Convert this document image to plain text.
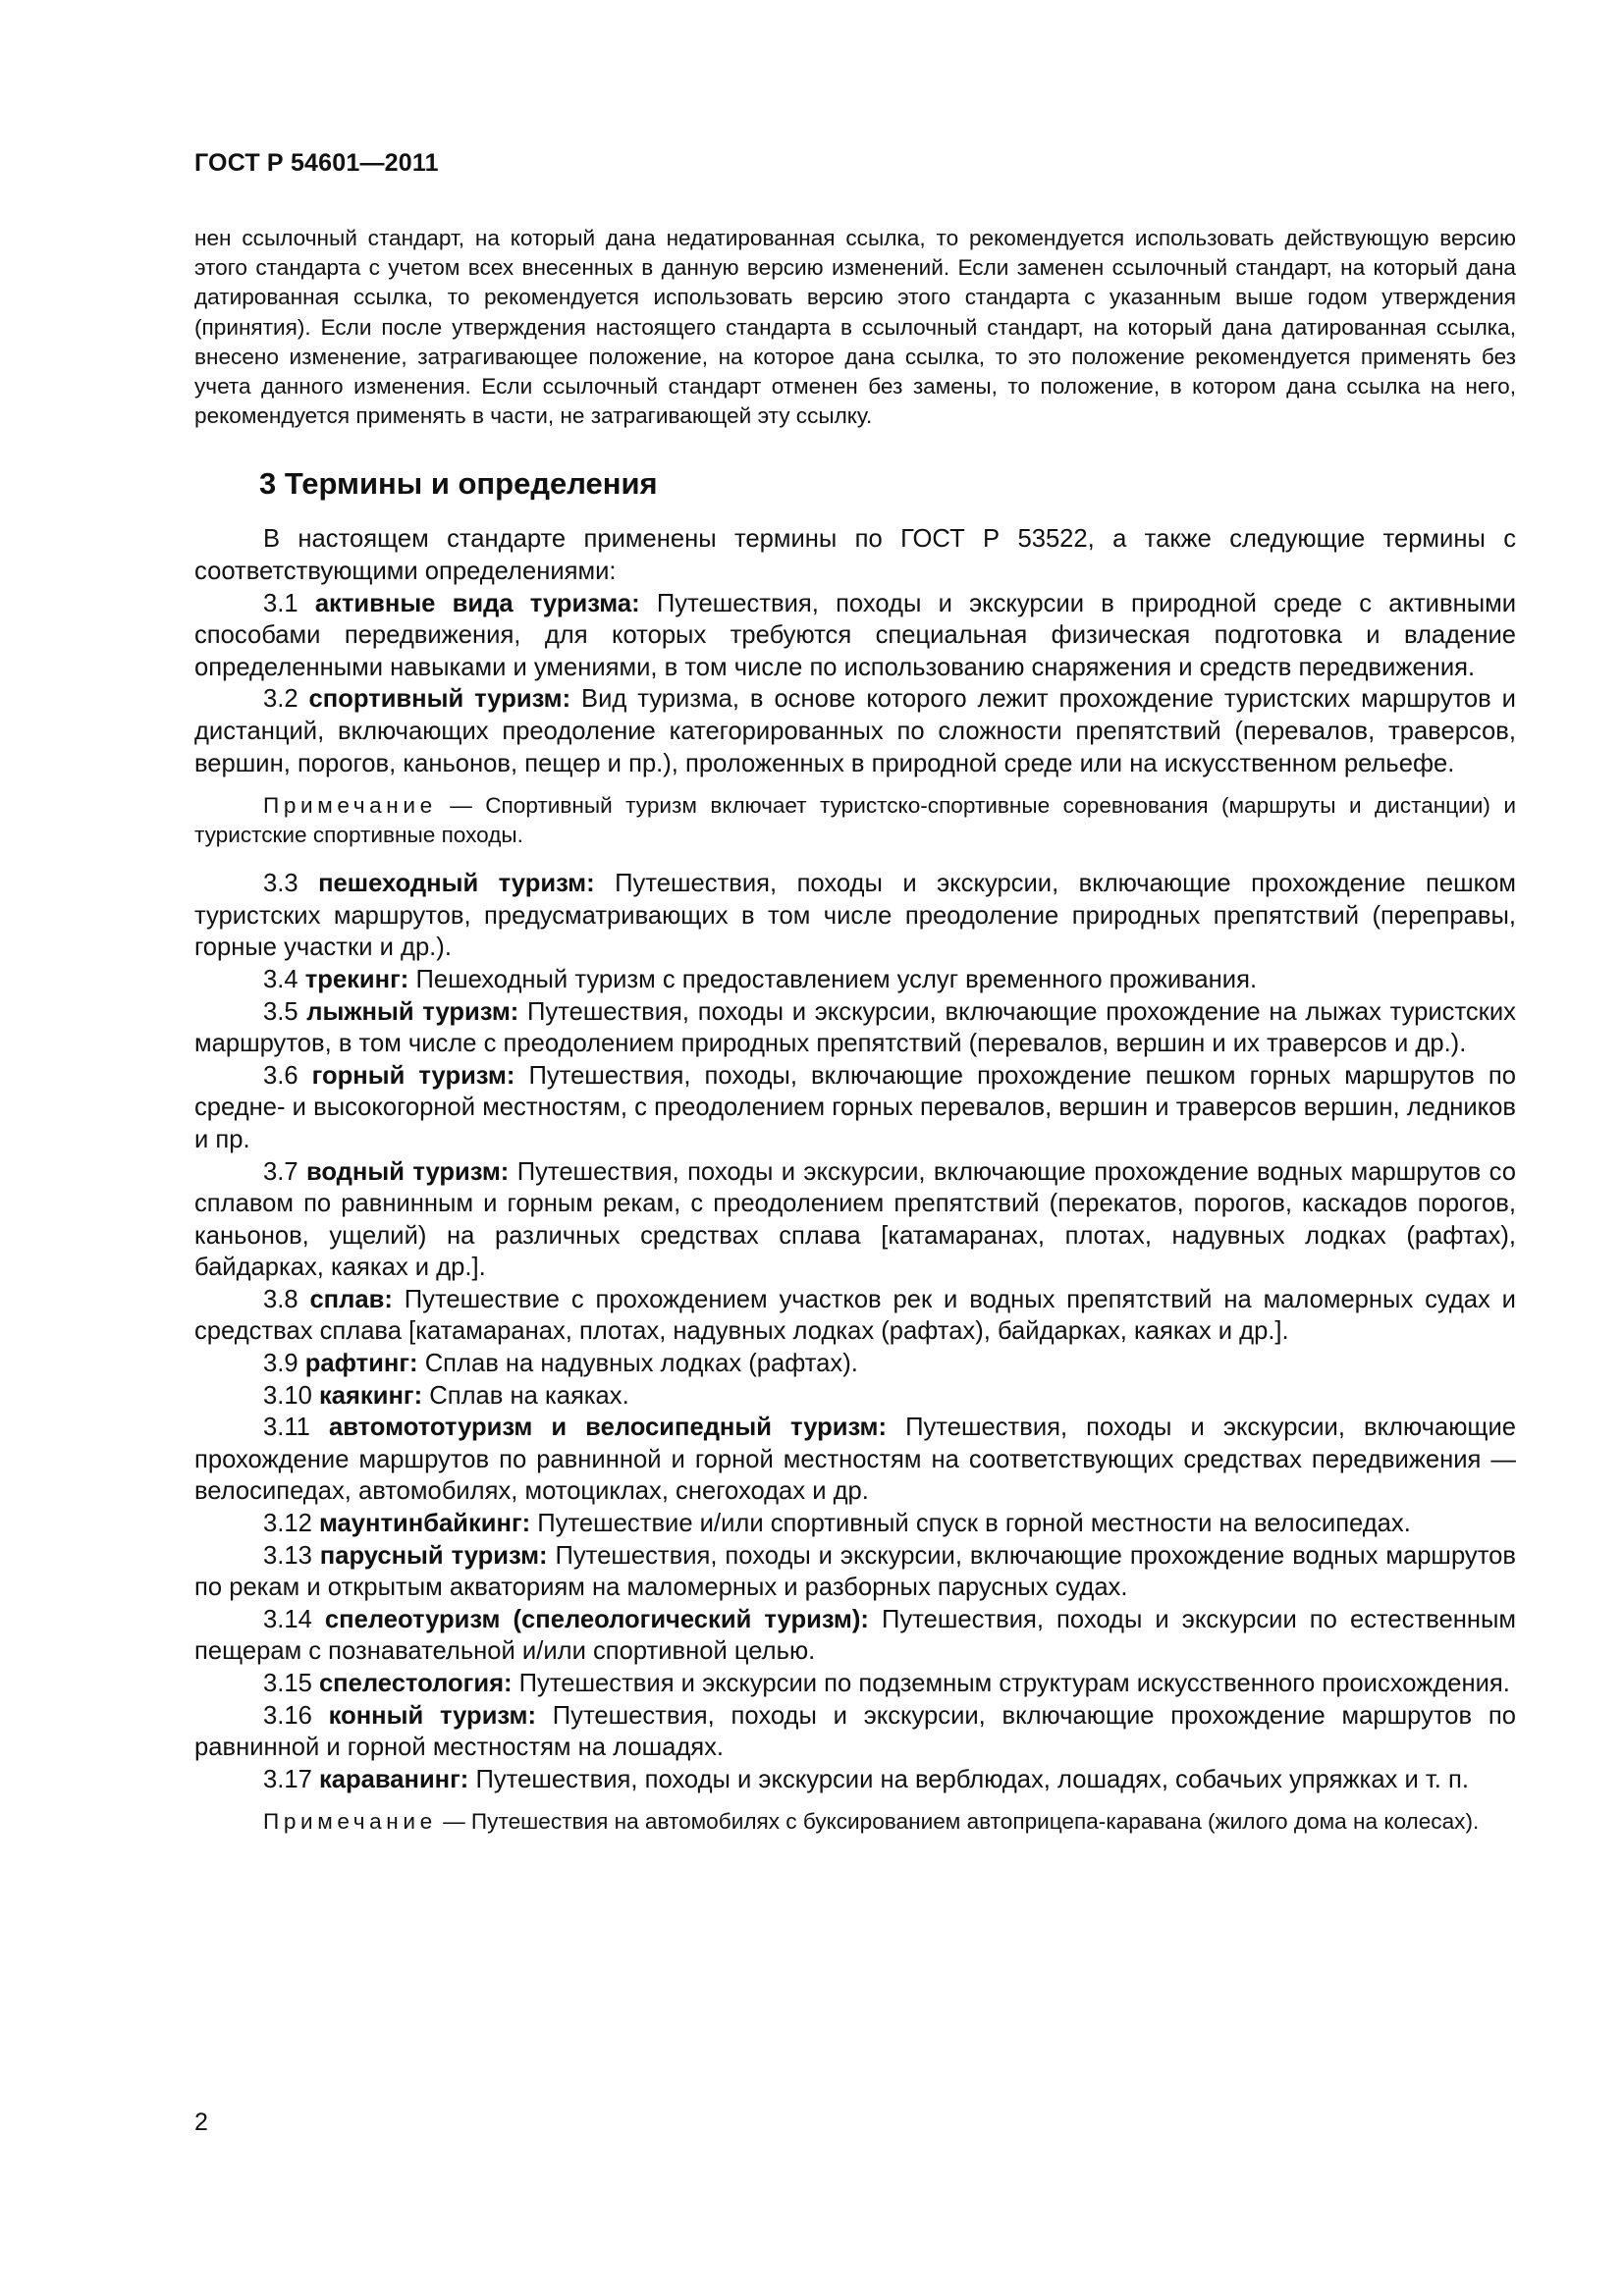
ГОСТ Р 54601—2011

нен ссылочный стандарт, на который дана недатированная ссылка, то рекомендуется использовать действующую версию этого стандарта с учетом всех внесенных в данную версию изменений. Если заменен ссылочный стандарт, на который дана датированная ссылка, то рекомендуется использовать версию этого стандарта с указанным выше годом утверждения (принятия). Если после утверждения настоящего стандарта в ссылочный стандарт, на который дана датированная ссылка, внесено изменение, затрагивающее положение, на которое дана ссылка, то это положение рекомендуется применять без учета данного изменения. Если ссылочный стандарт отменен без замены, то положение, в котором дана ссылка на него, рекомендуется применять в части, не затрагивающей эту ссылку.

3 Термины и определения

В настоящем стандарте применены термины по ГОСТ Р 53522, а также следующие термины с соответствующими определениями:

3.1 активные вида туризма: Путешествия, походы и экскурсии в природной среде с активными способами передвижения, для которых требуются специальная физическая подготовка и владение определенными навыками и умениями, в том числе по использованию снаряжения и средств передвижения.

3.2 спортивный туризм: Вид туризма, в основе которого лежит прохождение туристских маршрутов и дистанций, включающих преодоление категорированных по сложности препятствий (перевалов, траверсов, вершин, порогов, каньонов, пещер и пр.), проложенных в природной среде или на искусственном рельефе.

Примечание — Спортивный туризм включает туристско-спортивные соревнования (маршруты и дистанции) и туристские спортивные походы.

3.3 пешеходный туризм: Путешествия, походы и экскурсии, включающие прохождение пешком туристских маршрутов, предусматривающих в том числе преодоление природных препятствий (переправы, горные участки и др.).

3.4 трекинг: Пешеходный туризм с предоставлением услуг временного проживания.

3.5 лыжный туризм: Путешествия, походы и экскурсии, включающие прохождение на лыжах туристских маршрутов, в том числе с преодолением природных препятствий (перевалов, вершин и их траверсов и др.).

3.6 горный туризм: Путешествия, походы, включающие прохождение пешком горных маршрутов по средне- и высокогорной местностям, с преодолением горных перевалов, вершин и траверсов вершин, ледников и пр.

3.7 водный туризм: Путешествия, походы и экскурсии, включающие прохождение водных маршрутов со сплавом по равнинным и горным рекам, с преодолением препятствий (перекатов, порогов, каскадов порогов, каньонов, ущелий) на различных средствах сплава [катамаранах, плотах, надувных лодках (рафтах), байдарках, каяках и др.].

3.8 сплав: Путешествие с прохождением участков рек и водных препятствий на маломерных судах и средствах сплава [катамаранах, плотах, надувных лодках (рафтах), байдарках, каяках и др.].

3.9 рафтинг: Сплав на надувных лодках (рафтах).

3.10 каякинг: Сплав на каяках.

3.11 автомототуризм и велосипедный туризм: Путешествия, походы и экскурсии, включающие прохождение маршрутов по равнинной и горной местностям на соответствующих средствах передвижения — велосипедах, автомобилях, мотоциклах, снегоходах и др.

3.12 маунтинбайкинг: Путешествие и/или спортивный спуск в горной местности на велосипедах.

3.13 парусный туризм: Путешествия, походы и экскурсии, включающие прохождение водных маршрутов по рекам и открытым акваториям на маломерных и разборных парусных судах.

3.14 спелеотуризм (спелеологический туризм): Путешествия, походы и экскурсии по естественным пещерам с познавательной и/или спортивной целью.

3.15 спелестология: Путешествия и экскурсии по подземным структурам искусственного происхождения.

3.16 конный туризм: Путешествия, походы и экскурсии, включающие прохождение маршрутов по равнинной и горной местностям на лошадях.

3.17 караванинг: Путешествия, походы и экскурсии на верблюдах, лошадях, собачьих упряжках и т. п.

Примечание — Путешествия на автомобилях с буксированием автоприцепа-каравана (жилого дома на колесах).

2
